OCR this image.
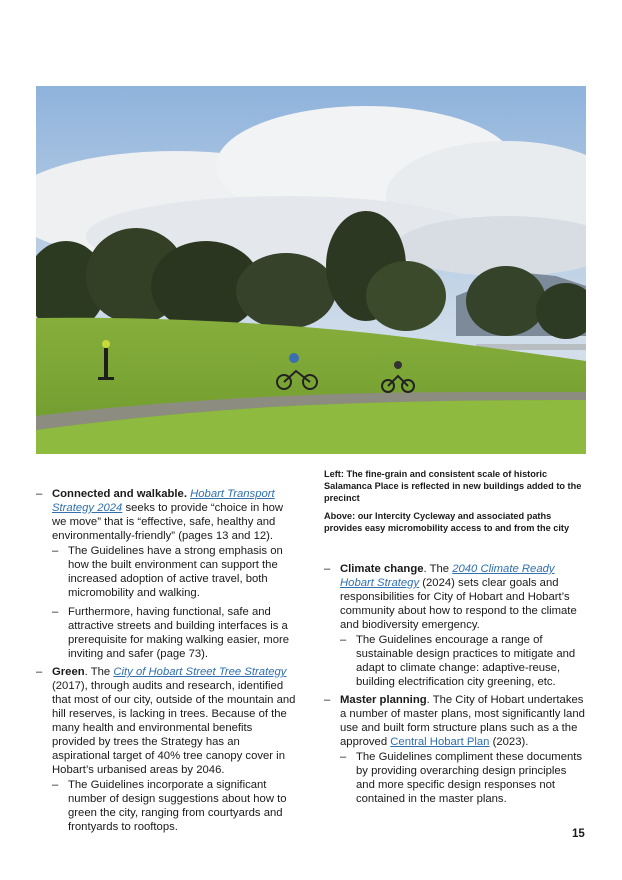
Left: The fine-grain and consistent scale of historic Salamanca Place is reflected in new buildings added to the precinct

Above: our Intercity Cycleway and associated paths provides easy micromobility access to and from the city

– Connected and walkable. Hobart Transport Strategy 2024 seeks to provide “choice in how we move” that is “effective, safe, healthy and environmentally-friendly” (pages 13 and 12).
– The Guidelines have a strong emphasis on how the built environment can support the increased adoption of active travel, both micromobility and walking.
– Furthermore, having functional, safe and attractive streets and building interfaces is a prerequisite for making walking easier, more inviting and safer (page 73).
– Green. The City of Hobart Street Tree Strategy (2017), through audits and research, identified that most of our city, outside of the mountain and hill reserves, is lacking in trees. Because of the many health and environmental benefits provided by trees the Strategy has an aspirational target of 40% tree canopy cover in Hobart’s urbanised areas by 2046.
– The Guidelines incorporate a significant number of design suggestions about how to green the city, ranging from courtyards and frontyards to rooftops.
– Climate change. The 2040 Climate Ready Hobart Strategy (2024) sets clear goals and responsibilities for City of Hobart and Hobart’s community about how to respond to the climate and biodiversity emergency.
– The Guidelines encourage a range of sustainable design practices to mitigate and adapt to climate change: adaptive-reuse, building electrification city greening, etc.
– Master planning. The City of Hobart undertakes a number of master plans, most significantly land use and built form structure plans such as a the approved Central Hobart Plan (2023).
– The Guidelines compliment these documents by providing overarching design principles and more specific design responses not contained in the master plans.
15
